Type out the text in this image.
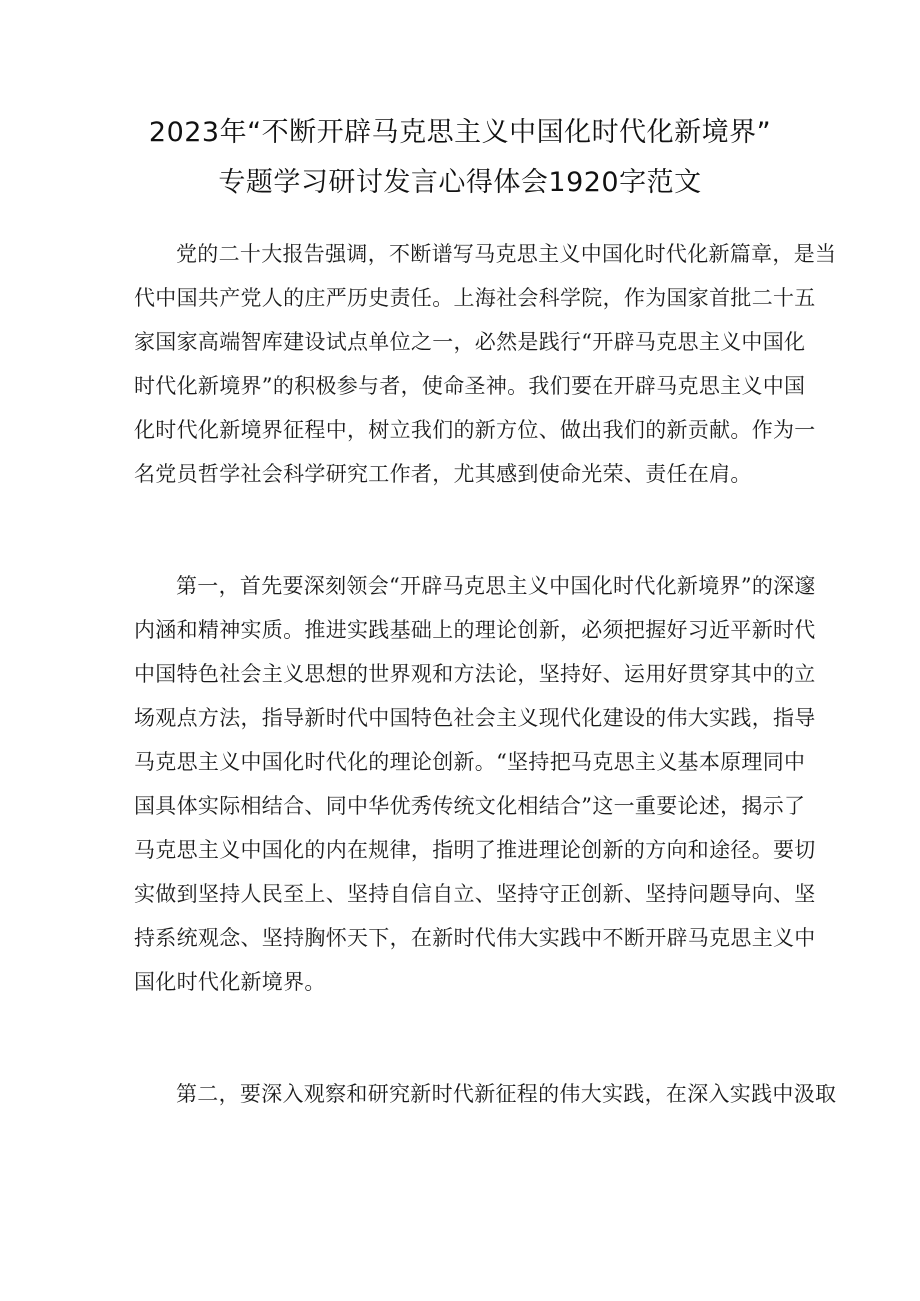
2023年“不断开辟马克思主义中国化时代化新境界”
专题学习研讨发言心得体会1920字范文
党的二十大报告强调，不断谱写马克思主义中国化时代化新篇章，是当
代中国共产党人的庄严历史责任。上海社会科学院，作为国家首批二十五
家国家高端智库建设试点单位之一，必然是践行“开辟马克思主义中国化
时代化新境界”的积极参与者，使命圣神。我们要在开辟马克思主义中国
化时代化新境界征程中，树立我们的新方位、做出我们的新贡献。作为一
名党员哲学社会科学研究工作者，尤其感到使命光荣、责任在肩。
第一，首先要深刻领会“开辟马克思主义中国化时代化新境界”的深邃
内涵和精神实质。推进实践基础上的理论创新，必须把握好习近平新时代
中国特色社会主义思想的世界观和方法论，坚持好、运用好贯穿其中的立
场观点方法，指导新时代中国特色社会主义现代化建设的伟大实践，指导
马克思主义中国化时代化的理论创新。“坚持把马克思主义基本原理同中
国具体实际相结合、同中华优秀传统文化相结合”这一重要论述，揭示了
马克思主义中国化的内在规律，指明了推进理论创新的方向和途径。要切
实做到坚持人民至上、坚持自信自立、坚持守正创新、坚持问题导向、坚
持系统观念、坚持胸怀天下，在新时代伟大实践中不断开辟马克思主义中
国化时代化新境界。
第二，要深入观察和研究新时代新征程的伟大实践，在深入实践中汲取
